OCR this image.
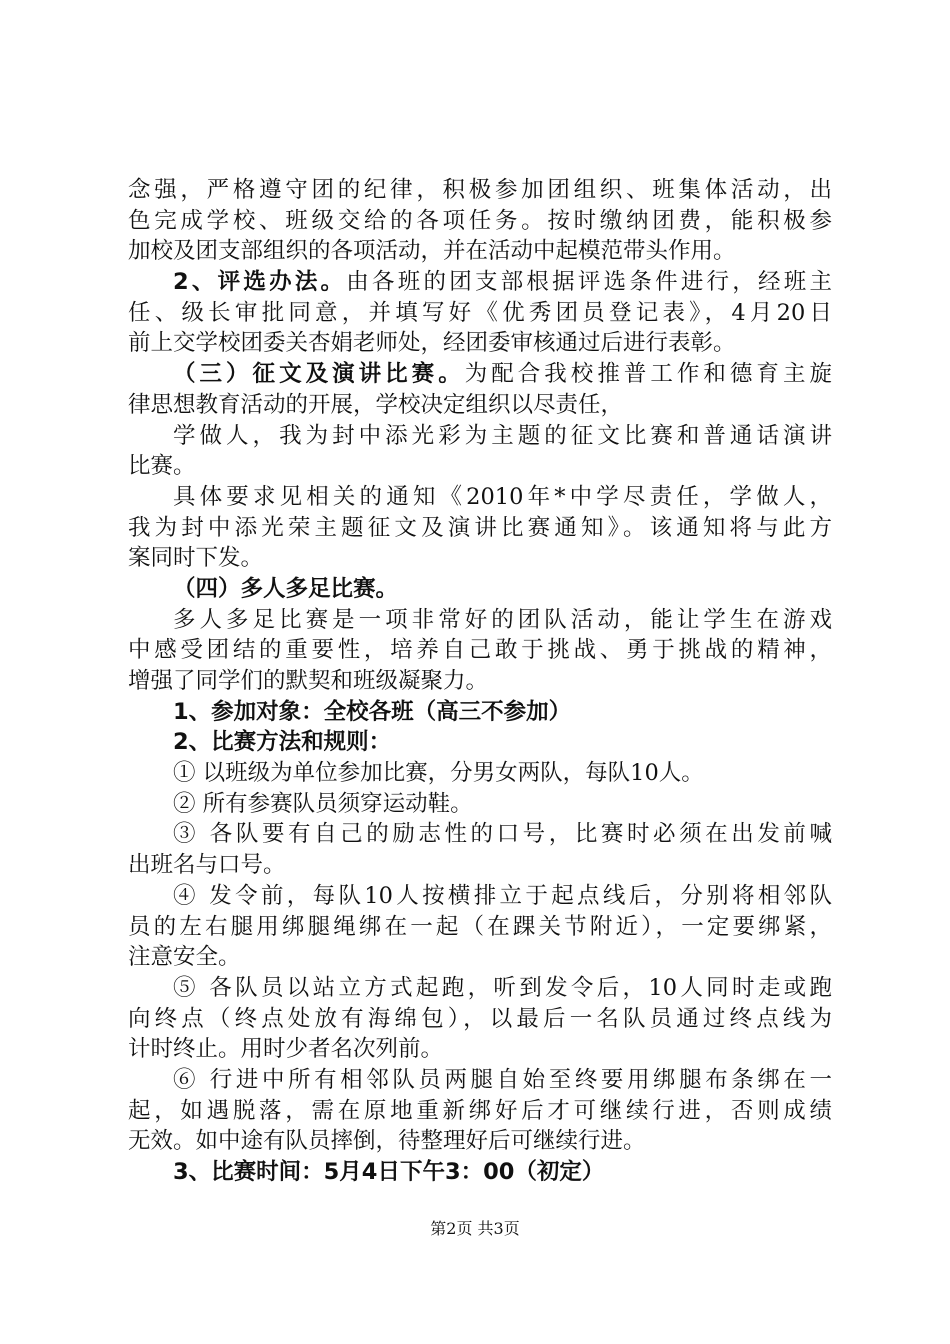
念强，严格遵守团的纪律，积极参加团组织、班集体活动，出
色完成学校、班级交给的各项任务。按时缴纳团费，能积极参
加校及团支部组织的各项活动，并在活动中起模范带头作用。
2、评选办法。由各班的团支部根据评选条件进行，经班主
任、级长审批同意，并填写好《优秀团员登记表》，4月20日
前上交学校团委关杏娟老师处，经团委审核通过后进行表彰。
（三）征文及演讲比赛。为配合我校推普工作和德育主旋
律思想教育活动的开展，学校决定组织以尽责任，
学做人，我为封中添光彩为主题的征文比赛和普通话演讲
比赛。
具体要求见相关的通知《2010年*中学尽责任，学做人，
我为封中添光荣主题征文及演讲比赛通知》。该通知将与此方
案同时下发。
（四）多人多足比赛。
多人多足比赛是一项非常好的团队活动，能让学生在游戏
中感受团结的重要性，培养自己敢于挑战、勇于挑战的精神，
增强了同学们的默契和班级凝聚力。
1、参加对象：全校各班（高三不参加）
2、比赛方法和规则：
① 以班级为单位参加比赛，分男女两队，每队10人。
② 所有参赛队员须穿运动鞋。
③ 各队要有自己的励志性的口号，比赛时必须在出发前喊
出班名与口号。
④ 发令前，每队10人按横排立于起点线后，分别将相邻队
员的左右腿用绑腿绳绑在一起（在踝关节附近），一定要绑紧，
注意安全。
⑤ 各队员以站立方式起跑，听到发令后，10人同时走或跑
向终点（终点处放有海绵包），以最后一名队员通过终点线为
计时终止。用时少者名次列前。
⑥ 行进中所有相邻队员两腿自始至终要用绑腿布条绑在一
起，如遇脱落，需在原地重新绑好后才可继续行进，否则成绩
无效。如中途有队员摔倒，待整理好后可继续行进。
3、比赛时间：5月4日下午3：00（初定）
第2页 共3页
